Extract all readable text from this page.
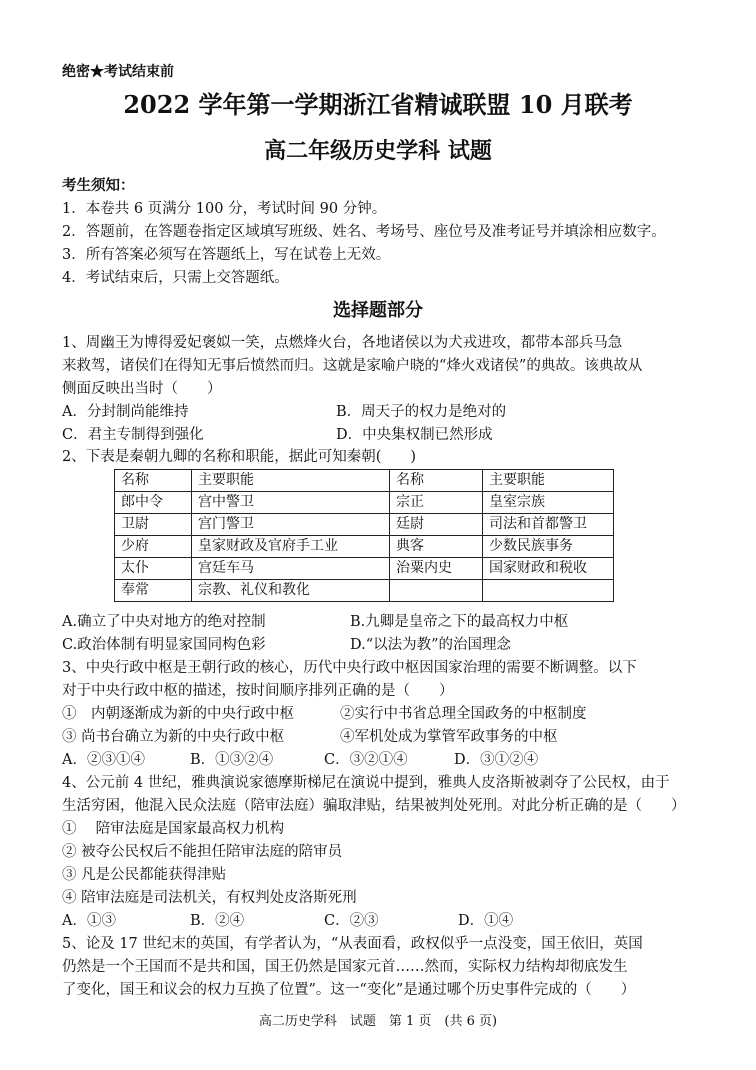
绝密★考试结束前
2022 学年第一学期浙江省精诚联盟 10 月联考
高二年级历史学科 试题
考生须知：
1．本卷共 6 页满分 100 分，考试时间 90 分钟。
2．答题前，在答题卷指定区域填写班级、姓名、考场号、座位号及准考证号并填涂相应数字。
3．所有答案必须写在答题纸上，写在试卷上无效。
4．考试结束后，只需上交答题纸。
选择题部分
1、周幽王为博得爱妃褒姒一笑，点燃烽火台，各地诸侯以为犬戎进攻，都带本部兵马急
来救驾，诸侯们在得知无事后愤然而归。这就是家喻户晓的“烽火戏诸侯”的典故。该典故从
侧面反映出当时（　　）
A．分封制尚能维持	B．周天子的权力是绝对的
C．君主专制得到强化	D．中央集权制已然形成
2、下表是秦朝九卿的名称和职能，据此可知秦朝(　　)
名称	主要职能	名称	主要职能
郎中令	宫中警卫	宗正	皇室宗族
卫尉	宫门警卫	廷尉	司法和首都警卫
少府	皇家财政及官府手工业	典客	少数民族事务
太仆	宫廷车马	治粟内史	国家财政和税收
奉常	宗教、礼仪和教化		
A.确立了中央对地方的绝对控制	B.九卿是皇帝之下的最高权力中枢
C.政治体制有明显家国同构色彩	D.“以法为教”的治国理念
3、中央行政中枢是王朝行政的核心，历代中央行政中枢因国家治理的需要不断调整。以下
对于中央行政中枢的描述，按时间顺序排列正确的是（　　）
①　内朝逐渐成为新的中央行政中枢	②实行中书省总理全国政务的中枢制度
③ 尚书台确立为新的中央行政中枢	④军机处成为掌管军政事务的中枢
A．②③①④	B．①③②④	C．③②①④	D．③①②④
4、公元前 4 世纪，雅典演说家德摩斯梯尼在演说中提到，雅典人皮洛斯被剥夺了公民权，由于
生活穷困，他混入民众法庭（陪审法庭）骗取津贴，结果被判处死刑。对此分析正确的是（　　）
①　 陪审法庭是国家最高权力机构
② 被夺公民权后不能担任陪审法庭的陪审员
③ 凡是公民都能获得津贴
④ 陪审法庭是司法机关，有权判处皮洛斯死刑
A．①③	B．②④	C．②③	D．①④
5、论及 17 世纪末的英国，有学者认为，“从表面看，政权似乎一点没变，国王依旧，英国
仍然是一个王国而不是共和国，国王仍然是国家元首……然而，实际权力结构却彻底发生
了变化，国王和议会的权力互换了位置”。这一“变化”是通过哪个历史事件完成的（　　）
高二历史学科　试题　第 1 页　(共 6 页)
